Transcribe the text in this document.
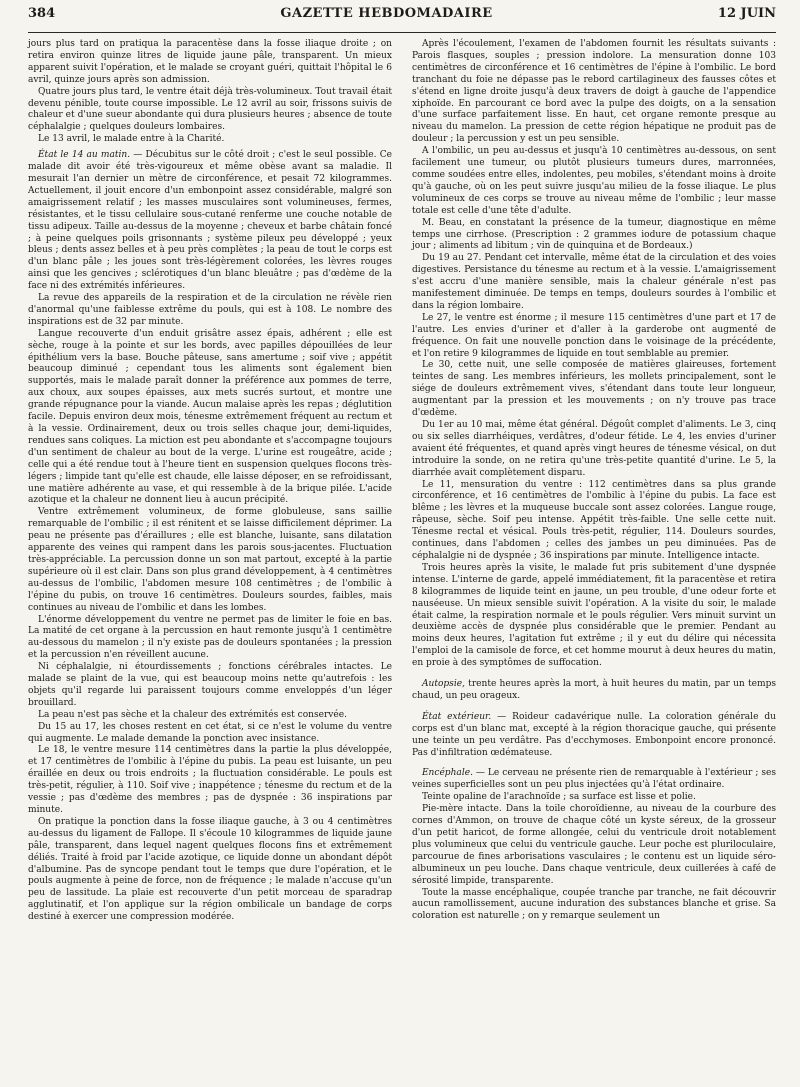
384	GAZETTE HEBDOMADAIRE	12 JUIN

jours plus tard on pratiqua la paracentèse dans la fosse iliaque droite ; on retira environ quinze litres de liquide jaune pâle, transparent. Un mieux apparent suivit l'opération, et le malade se croyant guéri, quittait l'hôpital le 6 avril, quinze jours après son admission.

Quatre jours plus tard, le ventre était déjà très-volumineux. Tout travail était devenu pénible, toute course impossible. Le 12 avril au soir, frissons suivis de chaleur et d'une sueur abondante qui dura plusieurs heures ; absence de toute céphalalgie ; quelques douleurs lombaires.

Le 13 avril, le malade entre à la Charité.

État le 14 au matin. — Décubitus sur le côté droit ; c'est le seul possible. Ce malade dit avoir été très-vigoureux et même obèse avant sa maladie. Il mesurait l'an dernier un mètre de circonférence, et pesait 72 kilogrammes. Actuellement, il jouit encore d'un embonpoint assez considérable, malgré son amaigrissement relatif ; les masses musculaires sont volumineuses, fermes, résistantes, et le tissu cellulaire sous-cutané renferme une couche notable de tissu adipeux. Taille au-dessus de la moyenne ; cheveux et barbe châtain foncé ; à peine quelques poils grisonnants ; système pileux peu développé ; yeux bleus ; dents assez belles et à peu près complètes ; la peau de tout le corps est d'un blanc pâle ; les joues sont très-légèrement colorées, les lèvres rouges ainsi que les gencives ; sclérotiques d'un blanc bleuâtre ; pas d'œdème de la face ni des extrémités inférieures.

La revue des appareils de la respiration et de la circulation ne révèle rien d'anormal qu'une faiblesse extrême du pouls, qui est à 108. Le nombre des inspirations est de 32 par minute.

Langue recouverte d'un enduit grisâtre assez épais, adhérent ; elle est sèche, rouge à la pointe et sur les bords, avec papilles dépouillées de leur épithélium vers la base. Bouche pâteuse, sans amertume ; soif vive ; appétit beaucoup diminué ; cependant tous les aliments sont également bien supportés, mais le malade paraît donner la préférence aux pommes de terre, aux choux, aux soupes épaisses, aux mets sucrés surtout, et montre une grande répugnance pour la viande. Aucun malaise après les repas ; déglutition facile. Depuis environ deux mois, ténesme extrêmement fréquent au rectum et à la vessie. Ordinairement, deux ou trois selles chaque jour, demi-liquides, rendues sans coliques. La miction est peu abondante et s'accompagne toujours d'un sentiment de chaleur au bout de la verge. L'urine est rougeâtre, acide ; celle qui a été rendue tout à l'heure tient en suspension quelques flocons très-légers ; limpide tant qu'elle est chaude, elle laisse déposer, en se refroidissant, une matière adhérente au vase, et qui ressemble à de la brique pilée. L'acide azotique et la chaleur ne donnent lieu à aucun précipité.

Ventre extrêmement volumineux, de forme globuleuse, sans saillie remarquable de l'ombilic ; il est rénitent et se laisse difficilement déprimer. La peau ne présente pas d'éraillures ; elle est blanche, luisante, sans dilatation apparente des veines qui rampent dans les parois sous-jacentes. Fluctuation très-appréciable. La percussion donne un son mat partout, excepté à la partie supérieure où il est clair. Dans son plus grand développement, à 4 centimètres au-dessus de l'ombilic, l'abdomen mesure 108 centimètres ; de l'ombilic à l'épine du pubis, on trouve 16 centimètres. Douleurs sourdes, faibles, mais continues au niveau de l'ombilic et dans les lombes.

L'énorme développement du ventre ne permet pas de limiter le foie en bas. La matité de cet organe à la percussion en haut remonte jusqu'à 1 centimètre au-dessous du mamelon ; il n'y existe pas de douleurs spontanées ; la pression et la percussion n'en réveillent aucune.

Ni céphalalgie, ni étourdissements ; fonctions cérébrales intactes. Le malade se plaint de la vue, qui est beaucoup moins nette qu'autrefois : les objets qu'il regarde lui paraissent toujours comme enveloppés d'un léger brouillard.

La peau n'est pas sèche et la chaleur des extrémités est conservée.

Du 15 au 17, les choses restent en cet état, si ce n'est le volume du ventre qui augmente. Le malade demande la ponction avec insistance.

Le 18, le ventre mesure 114 centimètres dans la partie la plus développée, et 17 centimètres de l'ombilic à l'épine du pubis. La peau est luisante, un peu éraillée en deux ou trois endroits ; la fluctuation considérable. Le pouls est très-petit, régulier, à 110. Soif vive ; inappétence ; ténesme du rectum et de la vessie ; pas d'œdème des membres ; pas de dyspnée : 36 inspirations par minute.

On pratique la ponction dans la fosse iliaque gauche, à 3 ou 4 centimètres au-dessus du ligament de Fallope. Il s'écoule 10 kilogrammes de liquide jaune pâle, transparent, dans lequel nagent quelques flocons fins et extrêmement déliés. Traité à froid par l'acide azotique, ce liquide donne un abondant dépôt d'albumine. Pas de syncope pendant tout le temps que dure l'opération, et le pouls augmente à peine de force, non de fréquence ; le malade n'accuse qu'un peu de lassitude. La plaie est recouverte d'un petit morceau de sparadrap agglutinatif, et l'on applique sur la région ombilicale un bandage de corps destiné à exercer une compression modérée.

Après l'écoulement, l'examen de l'abdomen fournit les résultats suivants : Parois flasques, souples ; pression indolore. La mensuration donne 103 centimètres de circonférence et 16 centimètres de l'épine à l'ombilic. Le bord tranchant du foie ne dépasse pas le rebord cartilagineux des fausses côtes et s'étend en ligne droite jusqu'à deux travers de doigt à gauche de l'appendice xiphoïde. En parcourant ce bord avec la pulpe des doigts, on a la sensation d'une surface parfaitement lisse. En haut, cet organe remonte presque au niveau du mamelon. La pression de cette région hépatique ne produit pas de douleur ; la percussion y est un peu sensible.

A l'ombilic, un peu au-dessus et jusqu'à 10 centimètres au-dessous, on sent facilement une tumeur, ou plutôt plusieurs tumeurs dures, marronnées, comme soudées entre elles, indolentes, peu mobiles, s'étendant moins à droite qu'à gauche, où on les peut suivre jusqu'au milieu de la fosse iliaque. Le plus volumineux de ces corps se trouve au niveau même de l'ombilic ; leur masse totale est celle d'une tête d'adulte.

M. Beau, en constatant la présence de la tumeur, diagnostique en même temps une cirrhose. (Prescription : 2 grammes iodure de potassium chaque jour ; aliments ad libitum ; vin de quinquina et de Bordeaux.)

Du 19 au 27. Pendant cet intervalle, même état de la circulation et des voies digestives. Persistance du ténesme au rectum et à la vessie. L'amaigrissement s'est accru d'une manière sensible, mais la chaleur générale n'est pas manifestement diminuée. De temps en temps, douleurs sourdes à l'ombilic et dans la région lombaire.

Le 27, le ventre est énorme ; il mesure 115 centimètres d'une part et 17 de l'autre. Les envies d'uriner et d'aller à la garderobe ont augmenté de fréquence. On fait une nouvelle ponction dans le voisinage de la précédente, et l'on retire 9 kilogrammes de liquide en tout semblable au premier.

Le 30, cette nuit, une selle composée de matières glaireuses, fortement teintes de sang. Les membres inférieurs, les mollets principalement, sont le siége de douleurs extrêmement vives, s'étendant dans toute leur longueur, augmentant par la pression et les mouvements ; on n'y trouve pas trace d'œdème.

Du 1er au 10 mai, même état général. Dégoût complet d'aliments. Le 3, cinq ou six selles diarrhéiques, verdâtres, d'odeur fétide. Le 4, les envies d'uriner avaient été fréquentes, et quand après vingt heures de ténesme vésical, on dut introduire la sonde, on ne retira qu'une très-petite quantité d'urine. Le 5, la diarrhée avait complètement disparu.

Le 11, mensuration du ventre : 112 centimètres dans sa plus grande circonférence, et 16 centimètres de l'ombilic à l'épine du pubis. La face est blême ; les lèvres et la muqueuse buccale sont assez colorées. Langue rouge, râpeuse, sèche. Soif peu intense. Appétit très-faible. Une selle cette nuit. Ténesme rectal et vésical. Pouls très-petit, régulier, 114. Douleurs sourdes, continues, dans l'abdomen ; celles des jambes un peu diminuées. Pas de céphalalgie ni de dyspnée ; 36 inspirations par minute. Intelligence intacte.

Trois heures après la visite, le malade fut pris subitement d'une dyspnée intense. L'interne de garde, appelé immédiatement, fit la paracentèse et retira 8 kilogrammes de liquide teint en jaune, un peu trouble, d'une odeur forte et nauséeuse. Un mieux sensible suivit l'opération. A la visite du soir, le malade était calme, la respiration normale et le pouls régulier. Vers minuit survint un deuxième accès de dyspnée plus considérable que le premier. Pendant au moins deux heures, l'agitation fut extrême ; il y eut du délire qui nécessita l'emploi de la camisole de force, et cet homme mourut à deux heures du matin, en proie à des symptômes de suffocation.

Autopsie, trente heures après la mort, à huit heures du matin, par un temps chaud, un peu orageux.

État extérieur. — Roideur cadavérique nulle. La coloration générale du corps est d'un blanc mat, excepté à la région thoracique gauche, qui présente une teinte un peu verdâtre. Pas d'ecchymoses. Embonpoint encore prononcé. Pas d'infiltration œdémateuse.

Encéphale. — Le cerveau ne présente rien de remarquable à l'extérieur ; ses veines superficielles sont un peu plus injectées qu'à l'état ordinaire.

Teinte opaline de l'arachnoïde ; sa surface est lisse et polie.

Pie-mère intacte. Dans la toile choroïdienne, au niveau de la courbure des cornes d'Ammon, on trouve de chaque côté un kyste séreux, de la grosseur d'un petit haricot, de forme allongée, celui du ventricule droit notablement plus volumineux que celui du ventricule gauche. Leur poche est pluriloculaire, parcourue de fines arborisations vasculaires ; le contenu est un liquide séro-albumineux un peu louche. Dans chaque ventricule, deux cuillerées à café de sérosité limpide, transparente.

Toute la masse encéphalique, coupée tranche par tranche, ne fait découvrir aucun ramollissement, aucune induration des substances blanche et grise. Sa coloration est naturelle ; on y remarque seulement un
